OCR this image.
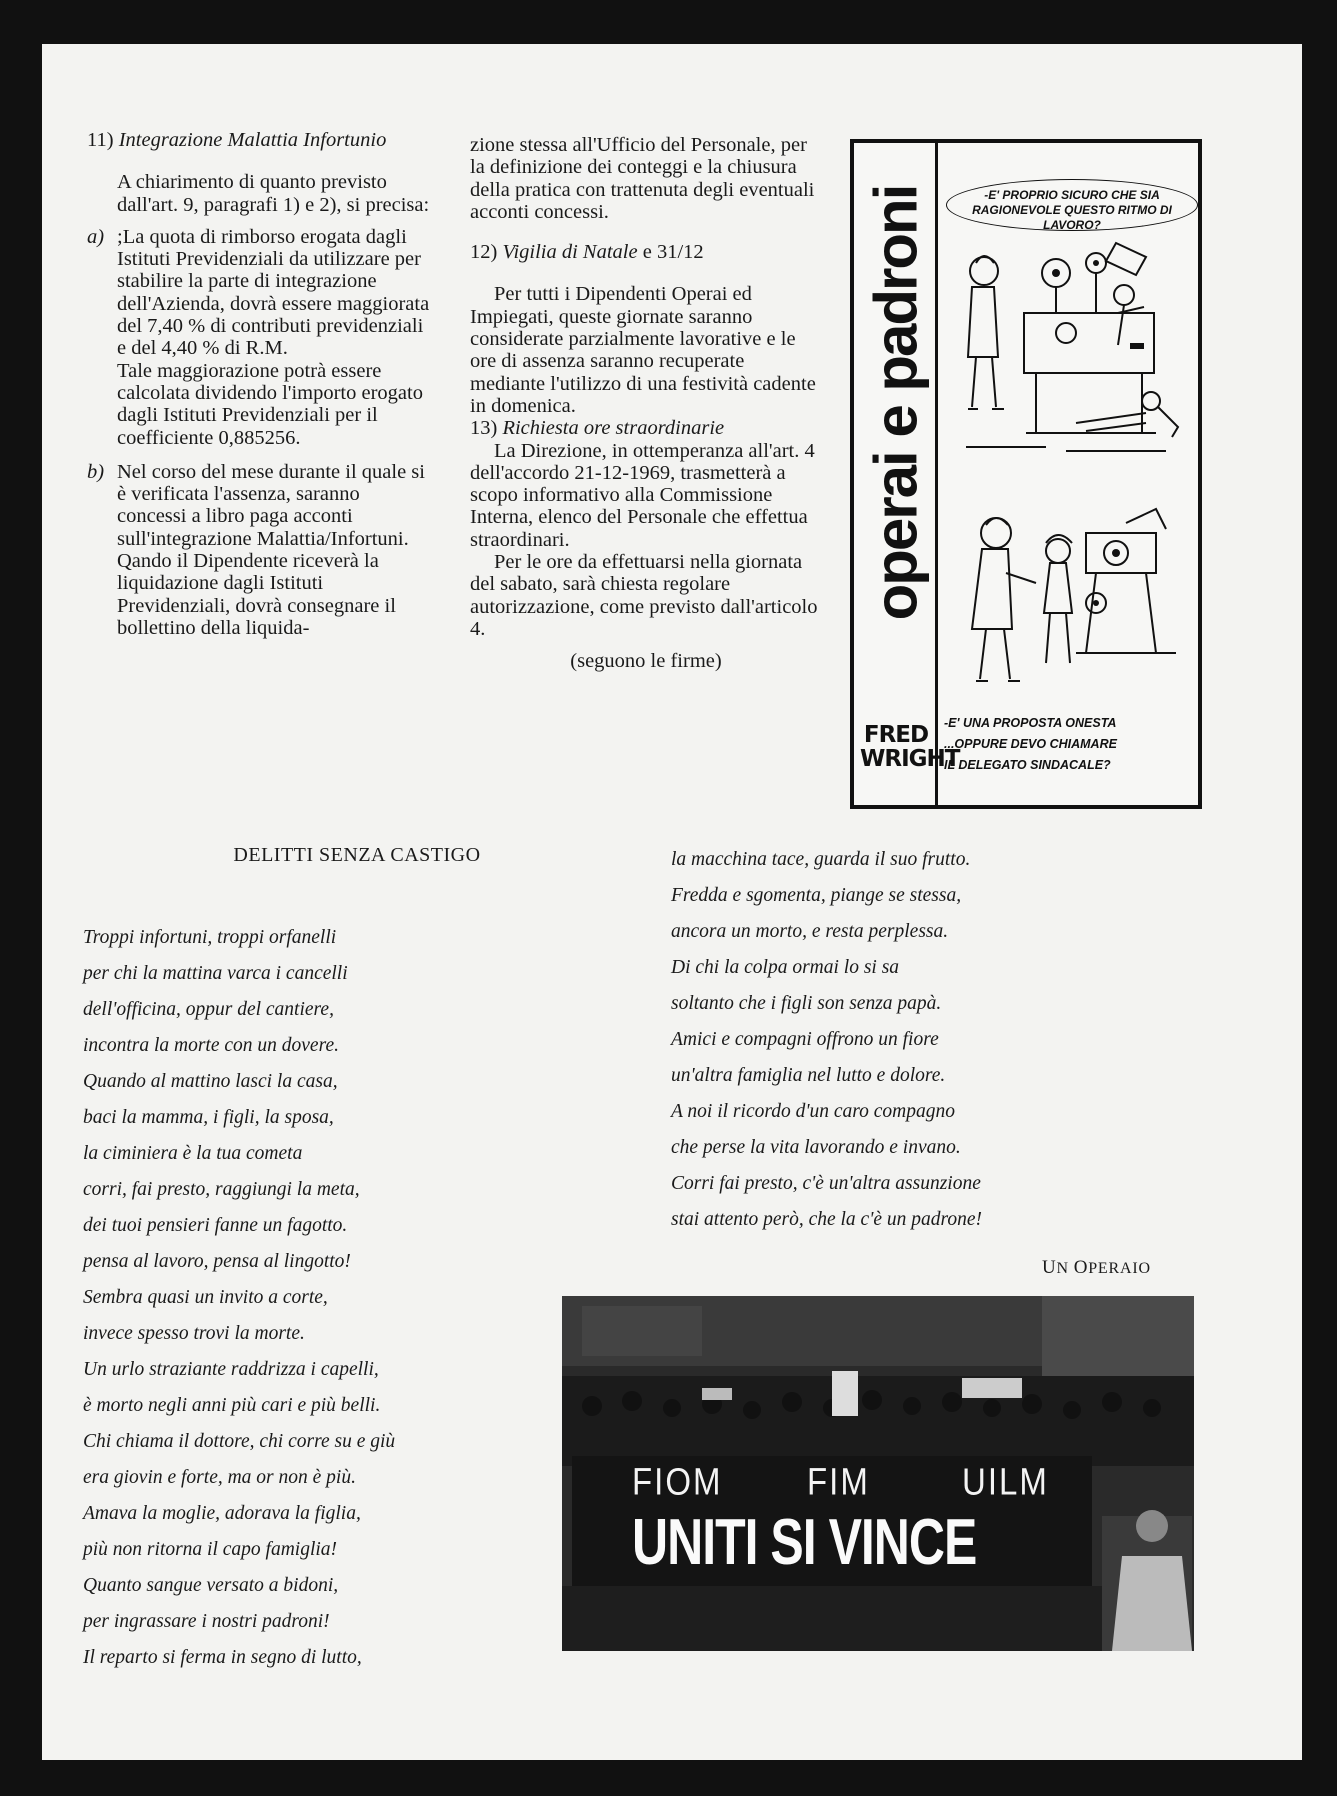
11) Integrazione Malattia Infortunio

A chiarimento di quanto previsto dall'art. 9, paragrafi 1) e 2), si precisa:

a) ;La quota di rimborso erogata dagli Istituti Previdenziali da utilizzare per stabilire la parte di integrazione dell'Azienda, dovrà essere maggiorata del 7,40 % di contributi previdenziali e del 4,40 % di R.M.

Tale maggiorazione potrà essere calcolata dividendo l'importo erogato dagli Istituti Previdenziali per il coefficiente 0,885256.

b) Nel corso del mese durante il quale si è verificata l'assenza, saranno concessi a libro paga acconti sull'integrazione Malattia/Infortuni.

Qando il Dipendente riceverà la liquidazione dagli Istituti Previdenziali, dovrà consegnare il bollettino della liquida-

zione stessa all'Ufficio del Personale, per la definizione dei conteggi e la chiusura della pratica con trattenuta degli eventuali acconti concessi.

12) Vigilia di Natale e 31/12

Per tutti i Dipendenti Operai ed Impiegati, queste giornate saranno considerate parzialmente lavorative e le ore di assenza saranno recuperate mediante l'utilizzo di una festività cadente in domenica.

13) Richiesta ore straordinarie

La Direzione, in ottemperanza all'art. 4 dell'accordo 21-12-1969, trasmetterà a scopo informativo alla Commissione Interna, elenco del Personale che effettua straordinari.

Per le ore da effettuarsi nella giornata del sabato, sarà chiesta regolare autorizzazione, come previsto dall'articolo 4.

(seguono le firme)

operai e padroni
FRED
WRIGHT
-E' PROPRIO SICURO CHE SIA RAGIONEVOLE QUESTO RITMO DI LAVORO?
-E' UNA PROPOSTA ONESTA
...OPPURE DEVO CHIAMARE
IL DELEGATO SINDACALE?
DELITTI SENZA CASTIGO

Troppi infortuni, troppi orfanelli

per chi la mattina varca i cancelli

dell'officina, oppur del cantiere,

incontra la morte con un dovere.

Quando al mattino lasci la casa,

baci la mamma, i figli, la sposa,

la ciminiera è la tua cometa

corri, fai presto, raggiungi la meta,

dei tuoi pensieri fanne un fagotto.

pensa al lavoro, pensa al lingotto!

Sembra quasi un invito a corte,

invece spesso trovi la morte.

Un urlo straziante raddrizza i capelli,

è morto negli anni più cari e più belli.

Chi chiama il dottore, chi corre su e giù

era giovin e forte, ma or non è più.

Amava la moglie, adorava la figlia,

più non ritorna il capo famiglia!

Quanto sangue versato a bidoni,

per ingrassare i nostri padroni!

Il reparto si ferma in segno di lutto,

la macchina tace, guarda il suo frutto.

Fredda e sgomenta, piange se stessa,

ancora un morto, e resta perplessa.

Di chi la colpa ormai lo si sa

soltanto che i figli son senza papà.

Amici e compagni offrono un fiore

un'altra famiglia nel lutto e dolore.

A noi il ricordo d'un caro compagno

che perse la vita lavorando e invano.

Corri fai presto, c'è un'altra assunzione

stai attento però, che la c'è un padrone!

UN OPERAIO
FIOM	FIM	UILM
UNITI SI VINCE
